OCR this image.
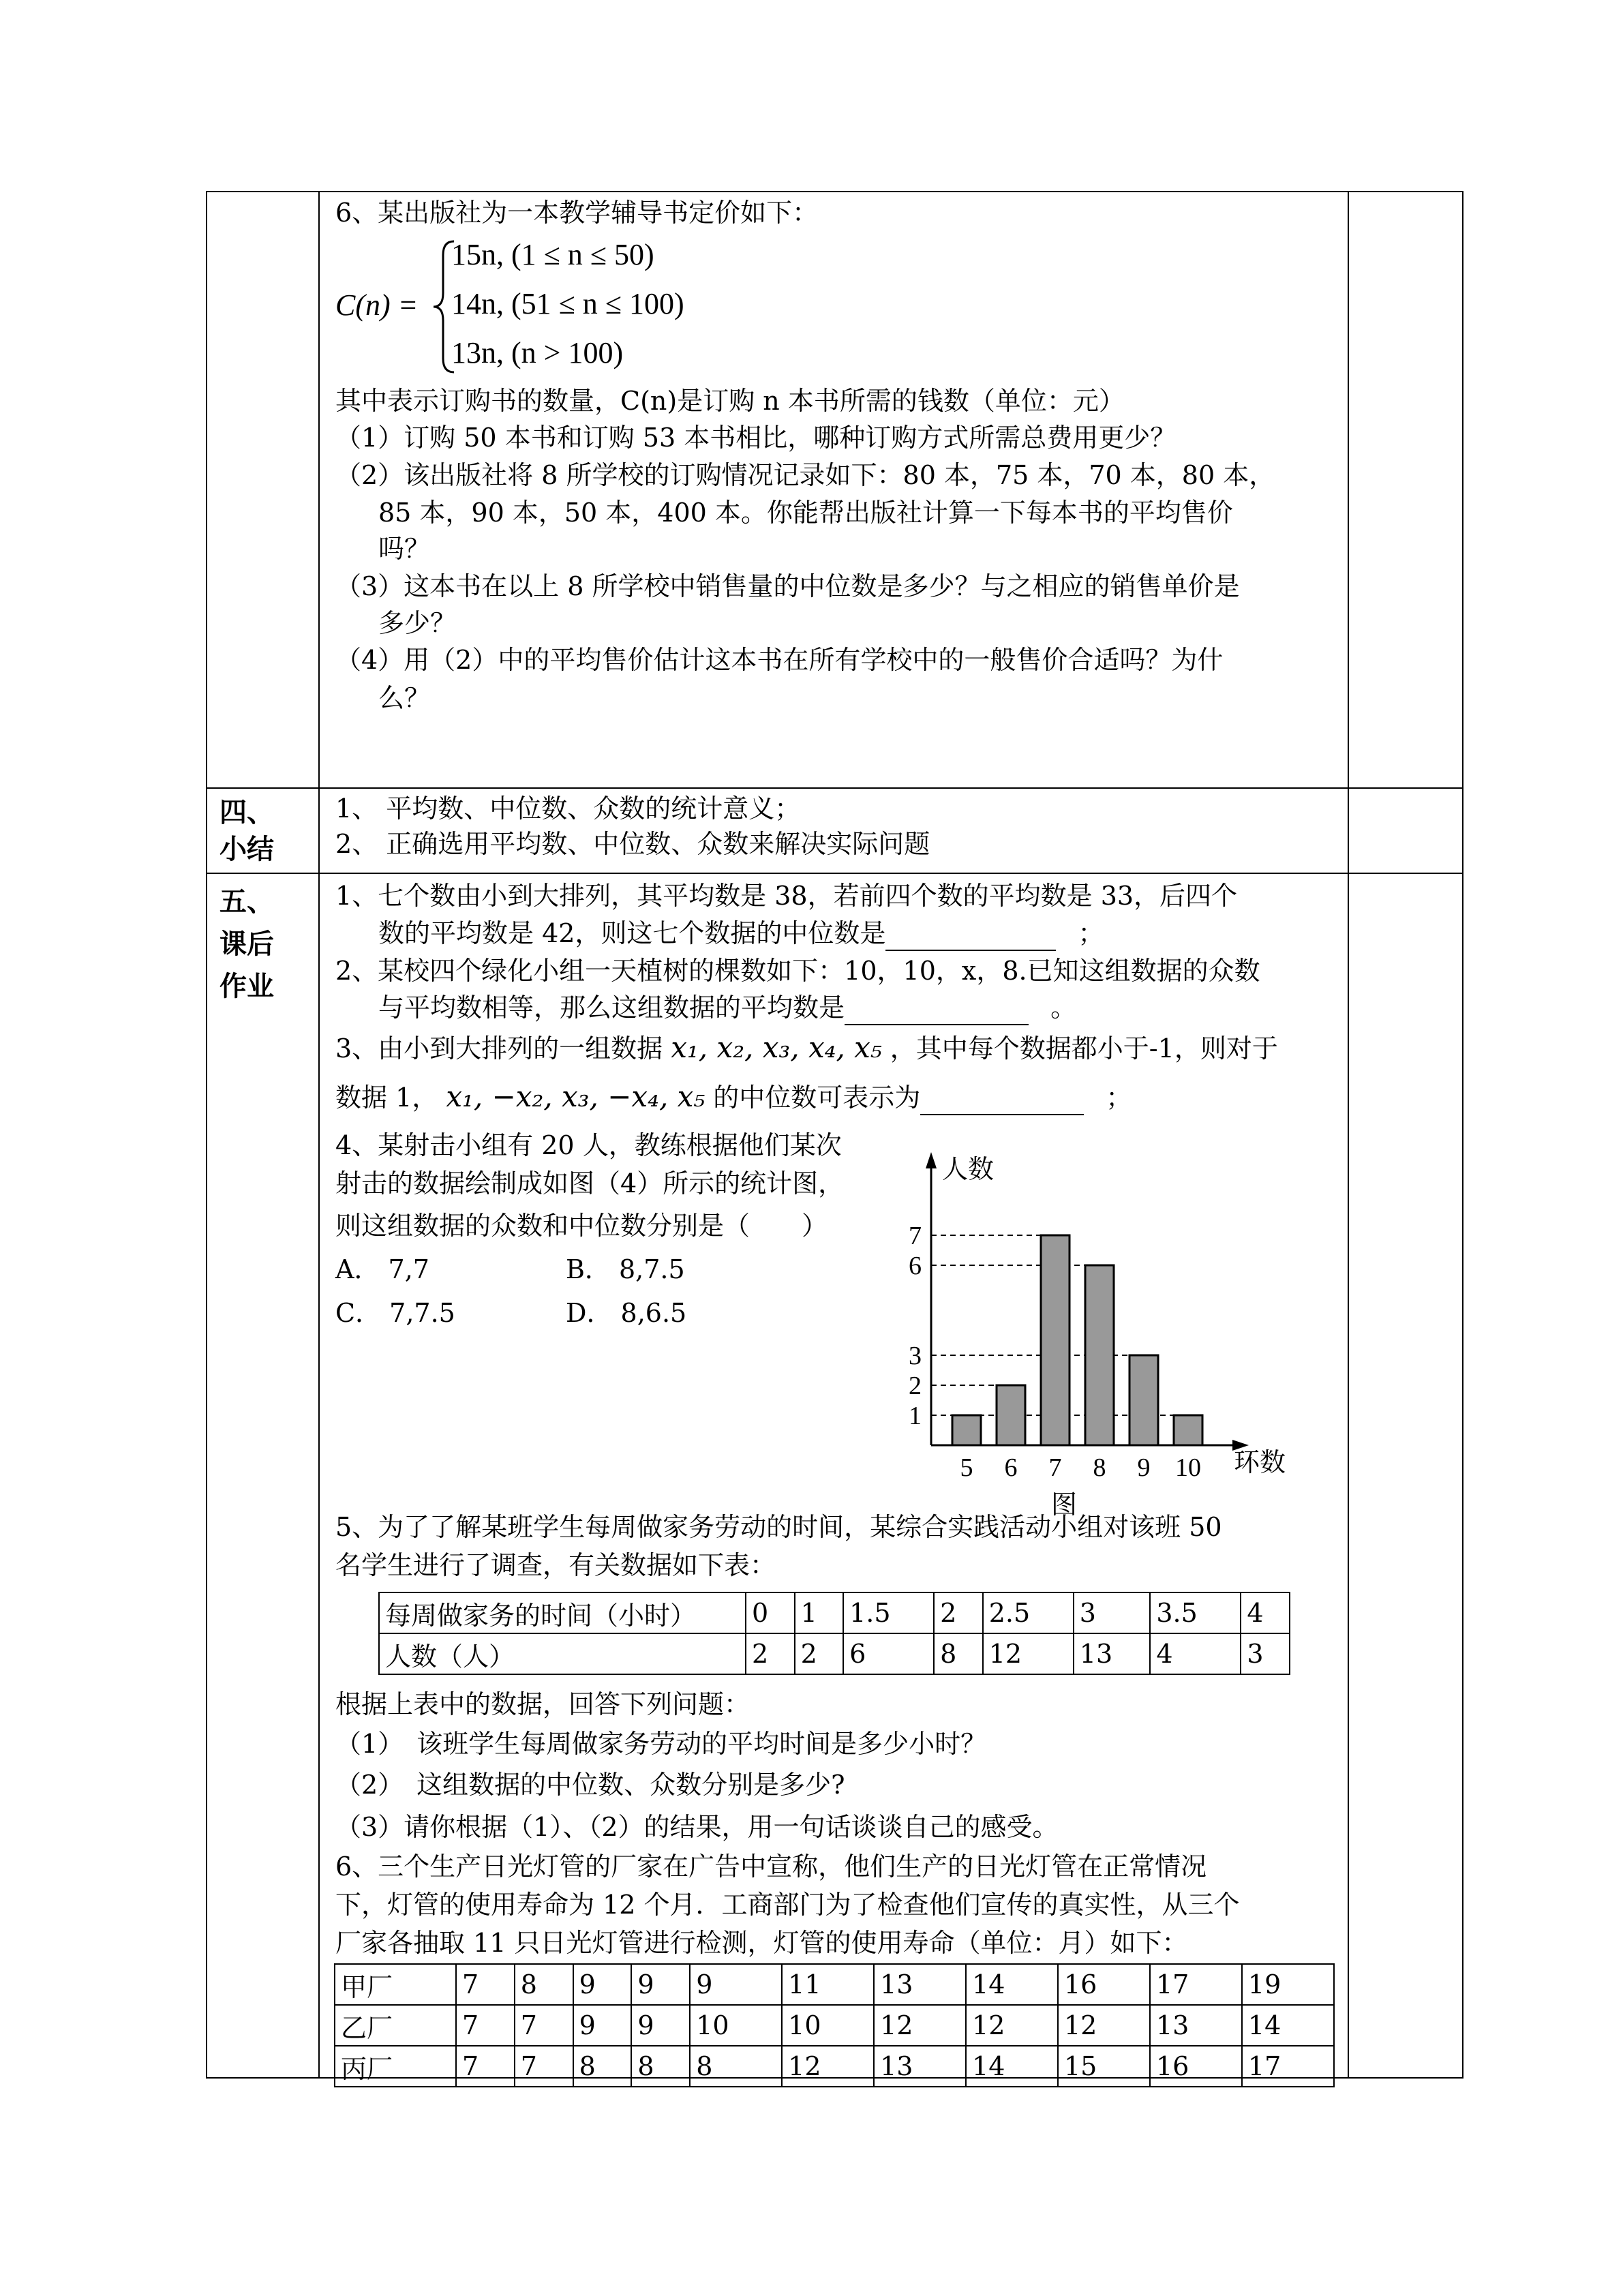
6、某出版社为一本教学辅导书定价如下：
C(n) =
15n, (1 ≤ n ≤ 50)
14n, (51 ≤ n ≤ 100)
13n, (n > 100)
其中表示订购书的数量，C(n)是订购 n 本书所需的钱数（单位：元）
（1）订购 50 本书和订购 53 本书相比，哪种订购方式所需总费用更少？
（2）该出版社将 8 所学校的订购情况记录如下：80 本，75 本，70 本，80 本，
85 本，90 本，50 本，400 本。你能帮出版社计算一下每本书的平均售价
吗？
（3）这本书在以上 8 所学校中销售量的中位数是多少？与之相应的销售单价是
多少？
（4）用（2）中的平均售价估计这本书在所有学校中的一般售价合适吗？为什
么？
四、
小结
1、 平均数、中位数、众数的统计意义；
2、 正确选用平均数、中位数、众数来解决实际问题
五、
课后
作业
1、七个数由小到大排列，其平均数是 38，若前四个数的平均数是 33，后四个
数的平均数是 42，则这七个数据的中位数是	；
2、某校四个绿化小组一天植树的棵数如下：10，10，x，8.已知这组数据的众数
与平均数相等，那么这组数据的平均数是	。
3、由小到大排列的一组数据 x₁, x₂, x₃, x₄, x₅ ，其中每个数据都小于-1，则对于
数据 1， x₁, −x₂, x₃, −x₄, x₅ 的中位数可表示为	；
4、某射击小组有 20 人，教练根据他们某次
射击的数据绘制成如图（4）所示的统计图，
则这组数据的众数和中位数分别是（　　）
A． 7,7	B． 8,7.5
C． 7,7.5	D． 8,6.5
人数
环数
图
5 6 7 8 9 10
1
2
3
6
7
5、为了了解某班学生每周做家务劳动的时间，某综合实践活动小组对该班 50
名学生进行了调查，有关数据如下表：
每周做家务的时间（小时）	0	1	1.5	2	2.5	3	3.5	4
人数（人）	2	2	6	8	12	13	4	3
根据上表中的数据，回答下列问题：
（1）　该班学生每周做家务劳动的平均时间是多少小时？
（2）　这组数据的中位数、众数分别是多少?
（3）请你根据（1）、（2）的结果，用一句话谈谈自己的感受。
6、三个生产日光灯管的厂家在广告中宣称，他们生产的日光灯管在正常情况
下，灯管的使用寿命为 12 个月．工商部门为了检查他们宣传的真实性，从三个
厂家各抽取 11 只日光灯管进行检测，灯管的使用寿命（单位：月）如下：
甲厂	7	8	9	9	9	11	13	14	16	17	19
乙厂	7	7	9	9	10	10	12	12	12	13	14
丙厂	7	7	8	8	8	12	13	14	15	16	17
